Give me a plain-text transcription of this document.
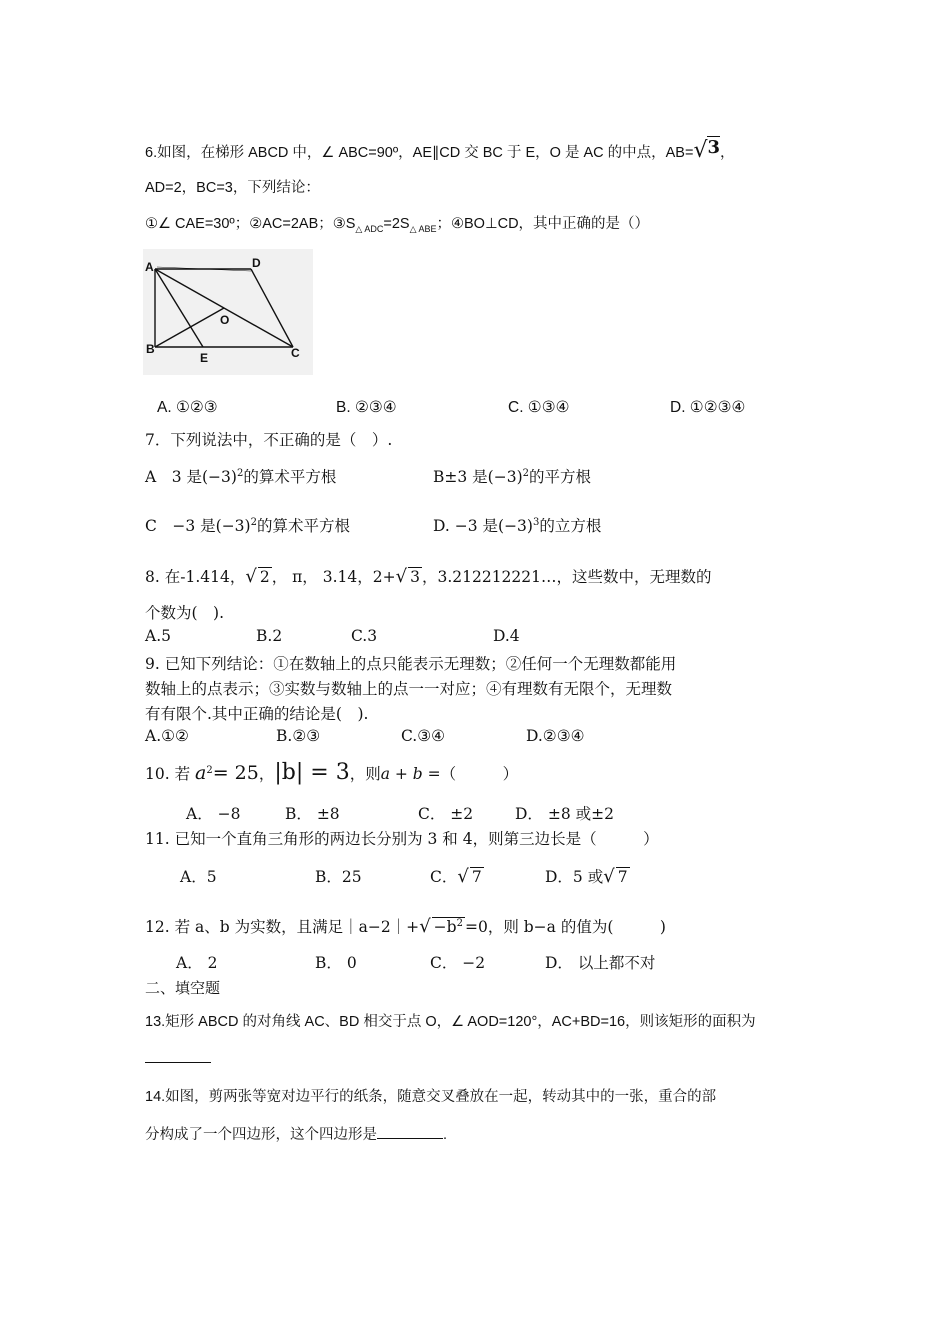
6.如图，在梯形 ABCD 中，∠ ABC=90º，AE∥CD 交 BC 于 E，O 是 AC 的中点，AB=√3，
AD=2，BC=3，下列结论：
①∠ CAE=30º；②AC=2AB；$③S_{\triangle ADC}=2S_{\triangle ABE}$；④BO⊥CD，其中正确的是（）
A	D
O
B
E	C
A. ①②③	B. ②③④	C. ①③④	D. ①②③④
7．下列说法中，不正确的是（　）.
A　3 是$(-3)^2$的算术平方根	B±3 是$(-3)^2$的平方根
C　−3 是$(-3)^2$的算术平方根	D. −3 是$(-3)^3$的立方根
8. 在-1.414，√ 2 ， π， 3.14，2+√ 3 ，3.212212221…，这些数中，无理数的
个数为(　).
A.5	B.2	C.3	D.4
9. 已知下列结论：①在数轴上的点只能表示无理数；②任何一个无理数都能用
数轴上的点表示；③实数与数轴上的点一一对应；④有理数有无限个，无理数
有有限个.其中正确的结论是(　).
A.①②	B.②③	C.③④	D.②③④
10. 若 $a^2= 25$，|b| = 3，则a + b =（　　　）
A． −8	B． ±8	C． ±2	D． ±8 或±2
11. 已知一个直角三角形的两边长分别为 3 和 4，则第三边长是（　　　）
A．5	B．25	C．√ 7	D．5 或√ 7
12. 若 a、b 为实数，且满足｜a−2｜+√ $-b^2 =0$，则 b−a 的值为(　　　)
A． 2	B． 0	C． −2	D． 以上都不对
二、填空题
13.矩形 ABCD 的对角线 AC、BD 相交于点 O，∠ AOD=120°，AC+BD=16，则该矩形的面积为
14.如图，剪两张等宽对边平行的纸条，随意交叉叠放在一起，转动其中的一张，重合的部
分构成了一个四边形，这个四边形是	.
